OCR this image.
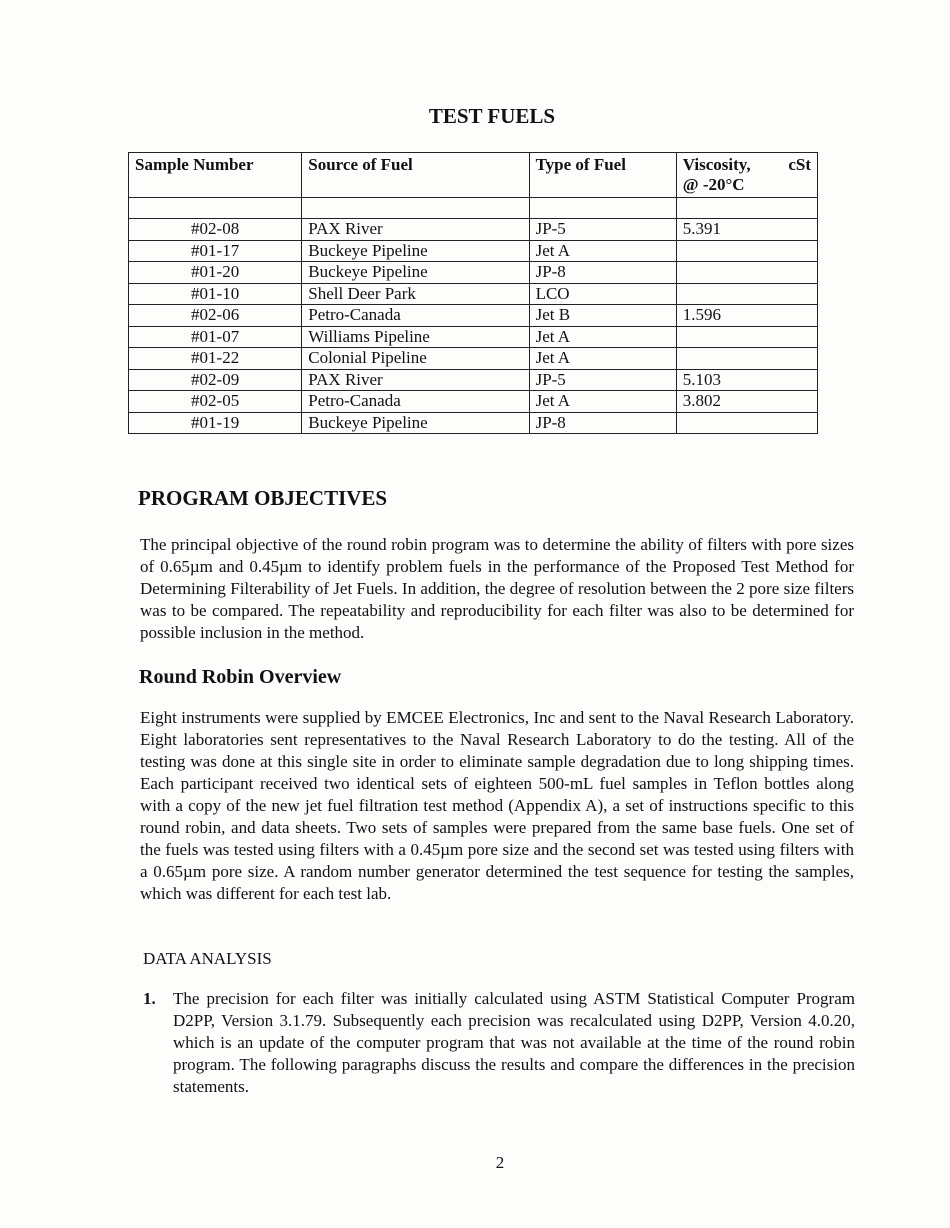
TEST FUELS
Sample Number	Source of Fuel	Type of Fuel	Viscosity, cSt
@ -20°C

#02-08	PAX River	JP-5	5.391
#01-17	Buckeye Pipeline	Jet A	
#01-20	Buckeye Pipeline	JP-8	
#01-10	Shell Deer Park	LCO	
#02-06	Petro-Canada	Jet B	1.596
#01-07	Williams Pipeline	Jet A	
#01-22	Colonial Pipeline	Jet A	
#02-09	PAX River	JP-5	5.103
#02-05	Petro-Canada	Jet A	3.802
#01-19	Buckeye Pipeline	JP-8	
PROGRAM OBJECTIVES
The principal objective of the round robin program was to determine the ability of filters with pore sizes of 0.65µm and 0.45µm to identify problem fuels in the performance of the Proposed Test Method for Determining Filterability of Jet Fuels. In addition, the degree of resolution between the 2 pore size filters was to be compared. The repeatability and reproducibility for each filter was also to be determined for possible inclusion in the method.
Round Robin Overview
Eight instruments were supplied by EMCEE Electronics, Inc and sent to the Naval Research Laboratory. Eight laboratories sent representatives to the Naval Research Laboratory to do the testing. All of the testing was done at this single site in order to eliminate sample degradation due to long shipping times. Each participant received two identical sets of eighteen 500-mL fuel samples in Teflon bottles along with a copy of the new jet fuel filtration test method (Appendix A), a set of instructions specific to this round robin, and data sheets. Two sets of samples were prepared from the same base fuels. One set of the fuels was tested using filters with a 0.45µm pore size and the second set was tested using filters with a 0.65µm pore size. A random number generator determined the test sequence for testing the samples, which was different for each test lab.
DATA ANALYSIS
1.	The precision for each filter was initially calculated using ASTM Statistical Computer Program D2PP, Version 3.1.79. Subsequently each precision was recalculated using D2PP, Version 4.0.20, which is an update of the computer program that was not available at the time of the round robin program. The following paragraphs discuss the results and compare the differences in the precision statements.
2
